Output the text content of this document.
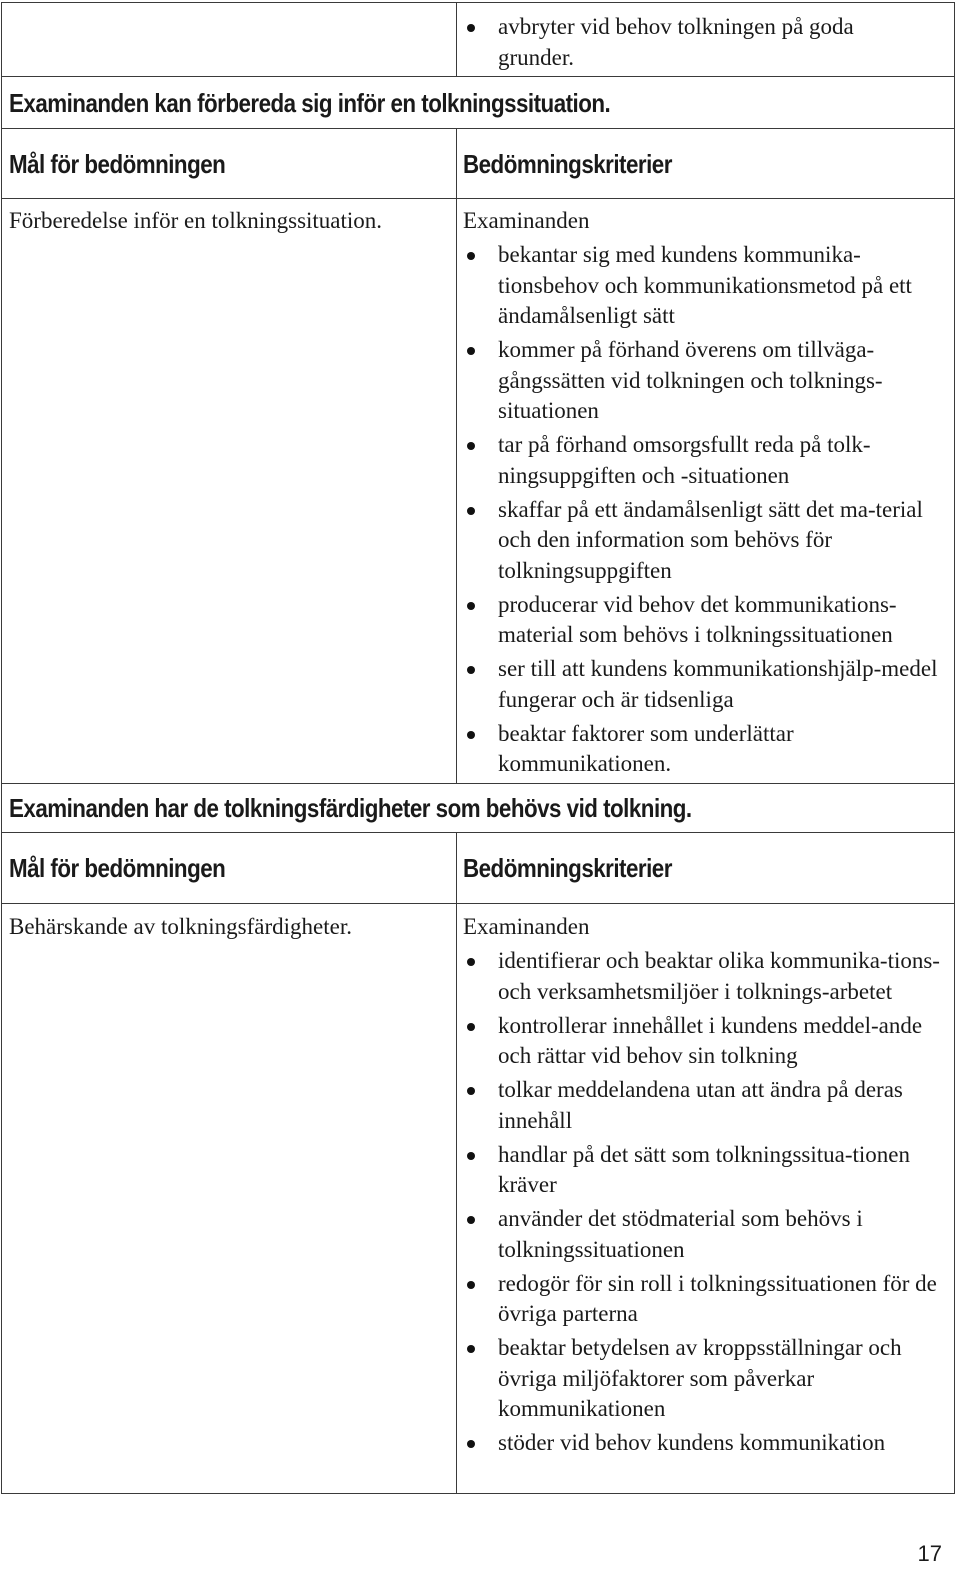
avbryter vid behov tolkningen på goda grunder.
Examinanden kan förbereda sig inför en tolkningssituation.
Mål för bedömningen	Bedömningskriterier
Förberedelse inför en tolkningssituation.	Examinanden
bekantar sig med kundens kommunika-tionsbehov och kommunikationsmetod på ett ändamålsenligt sätt
kommer på förhand överens om tillväga-gångssätten vid tolkningen och tolknings-situationen
tar på förhand omsorgsfullt reda på tolk-ningsuppgiften och -situationen
skaffar på ett ändamålsenligt sätt det ma-terial och den information som behövs för tolkningsuppgiften
producerar vid behov det kommunikations-material som behövs i tolkningssituationen
ser till att kundens kommunikationshjälp-medel fungerar och är tidsenliga
beaktar faktorer som underlättar kommunikationen.
Examinanden har de tolkningsfärdigheter som behövs vid tolkning.
Mål för bedömningen	Bedömningskriterier
Behärskande av tolkningsfärdigheter.	Examinanden
identifierar och beaktar olika kommunika-tions- och verksamhetsmiljöer i tolknings-arbetet
kontrollerar innehållet i kundens meddel-ande och rättar vid behov sin tolkning
tolkar meddelandena utan att ändra på deras innehåll
handlar på det sätt som tolkningssitua-tionen kräver
använder det stödmaterial som behövs i tolkningssituationen
redogör för sin roll i tolkningssituationen för de övriga parterna
beaktar betydelsen av kroppsställningar och övriga miljöfaktorer som påverkar kommunikationen
stöder vid behov kundens kommunikation
17
